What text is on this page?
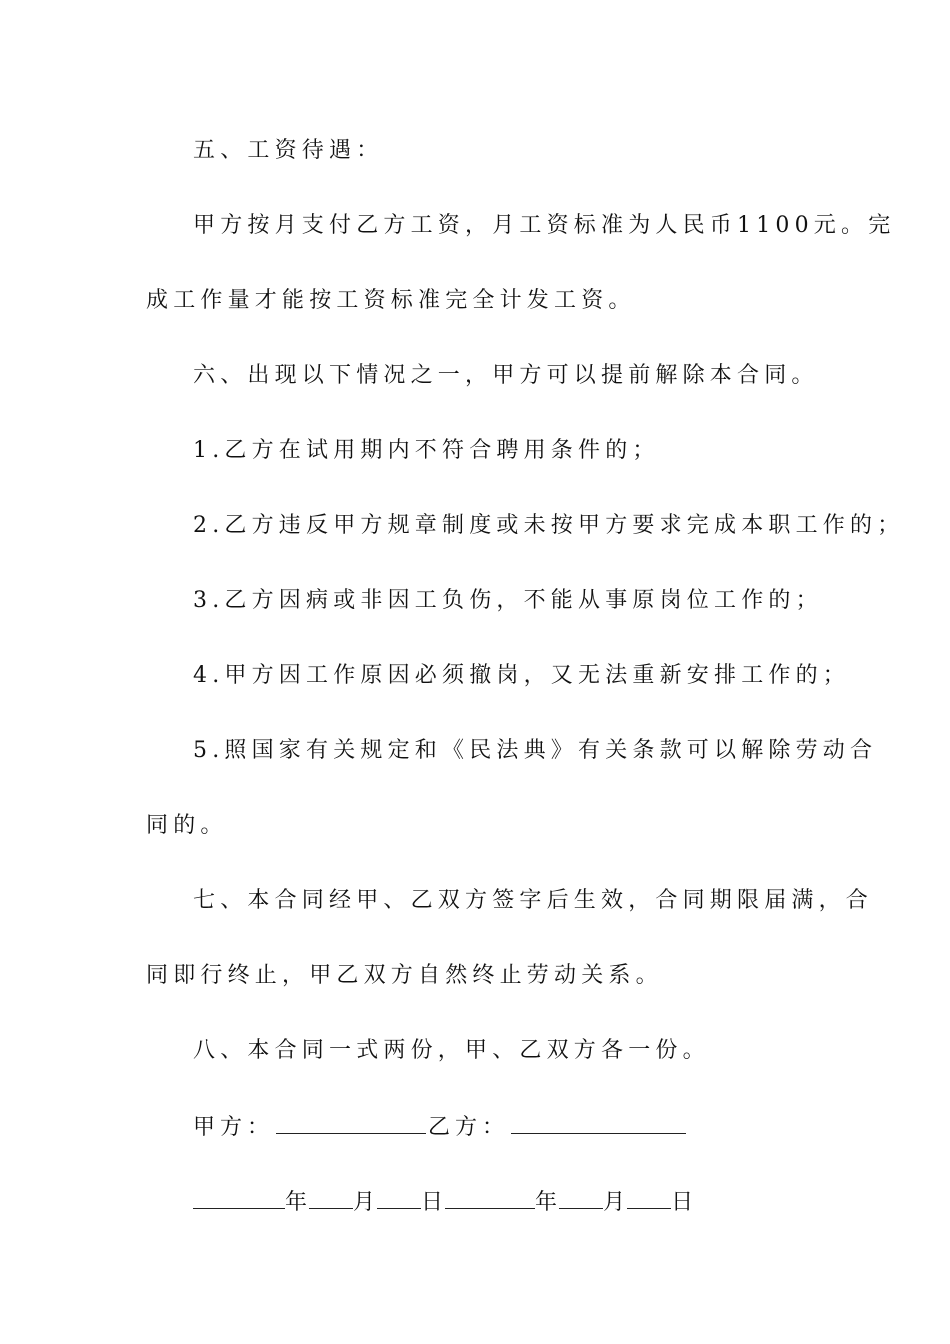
五、工资待遇：
甲方按月支付乙方工资，月工资标准为人民币1100元。完
成工作量才能按工资标准完全计发工资。
六、出现以下情况之一，甲方可以提前解除本合同。
1.乙方在试用期内不符合聘用条件的；
2.乙方违反甲方规章制度或未按甲方要求完成本职工作的；
3.乙方因病或非因工负伤，不能从事原岗位工作的；
4.甲方因工作原因必须撤岗，又无法重新安排工作的；
5.照国家有关规定和《民法典》有关条款可以解除劳动合
同的。
七、本合同经甲、乙双方签字后生效，合同期限届满，合
同即行终止，甲乙双方自然终止劳动关系。
八、本合同一式两份，甲、乙双方各一份。
甲方：	乙方：
年 月 日	年 月 日
